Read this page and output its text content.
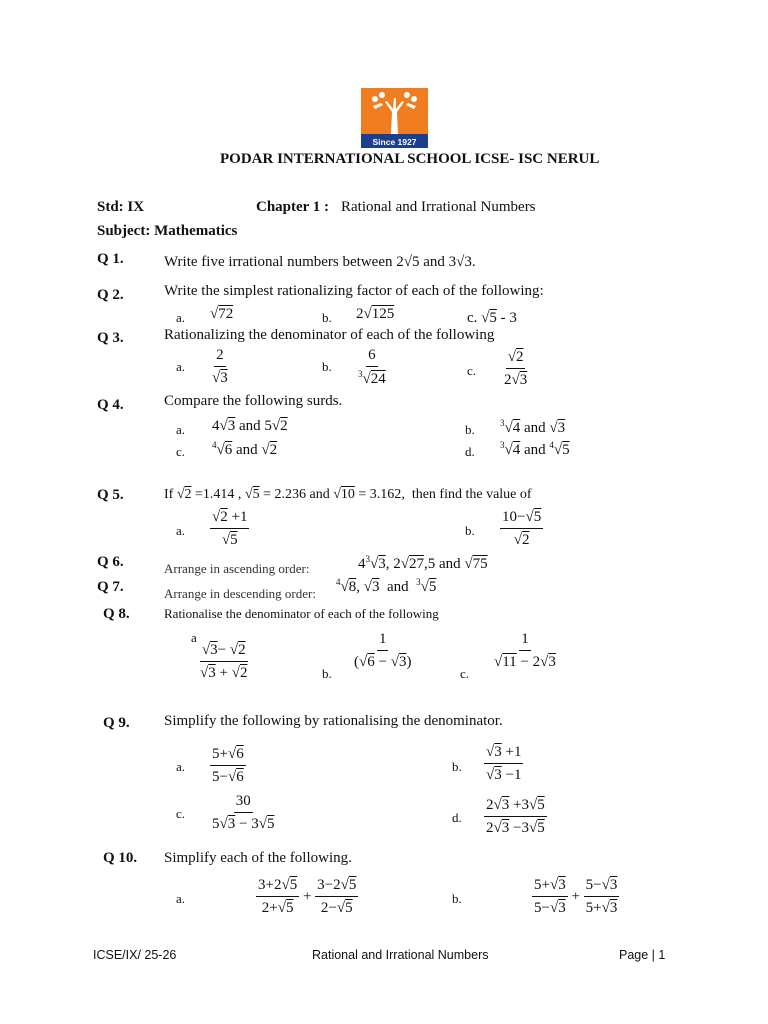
Since 1927
PODAR INTERNATIONAL SCHOOL ICSE- ISC NERUL
Std: IX	Chapter 1 : Rational and Irrational Numbers
Subject: Mathematics
Q 1.	Write five irrational numbers between 2√5 and 3√3.
Q 2.	Write the simplest rationalizing factor of each of the following:
a. √72	b. 2√125	c. √5 - 3
Q 3.	Rationalizing the denominator of each of the following
a. $\frac{2}{√3}$	b. $\frac{6}{^3√24}$	c. $\frac{√2}{2√3}$
Q 4.	Compare the following surds.
a. 4√3 and 5√2	b.	$^3$√4 and √3
c.	$^4$√6 and √2	d.	$^3$√4 and $^4$√5
Q 5.	If √2 =1.414 , √5 = 2.236 and √10 = 3.162, then find the value of
a. $\frac{√2 +1}{√5}$	b. $\frac{10-√5}{√2}$
Q 6.	Arrange in ascending order:	$4^3√3$, 2√27,5 and √75
Q 7.	Arrange in descending order:
$^4$√8, √3 and $^3$√5
Q 8.	Rationalise the denominator of each of the following
a
$\frac{√3- √2}{√3 + √2}$	b.
$\frac{1}{(√6 - √3)}$
c.
$\frac{1}{√11 - 2√3}$
Q 9. Simplify the following by rationalising the denominator.
a. $\frac{5+√6}{5-√6}$	b. $\frac{√3 +1}{√3 -1}$
c. $\frac{30}{5√3 - 3√5}$	d. $\frac{2√3 +3√5}{2√3 -3√5}$
Q 10. Simplify each of the following.
a.	$\frac{3+2√5}{2+√5} + \frac{3-2√5}{2-√5}$	b.	$\frac{5+√3}{5-√3} + \frac{5-√3}{5+√3}$
ICSE/IX/ 25-26	Rational and Irrational Numbers	Page | 1
